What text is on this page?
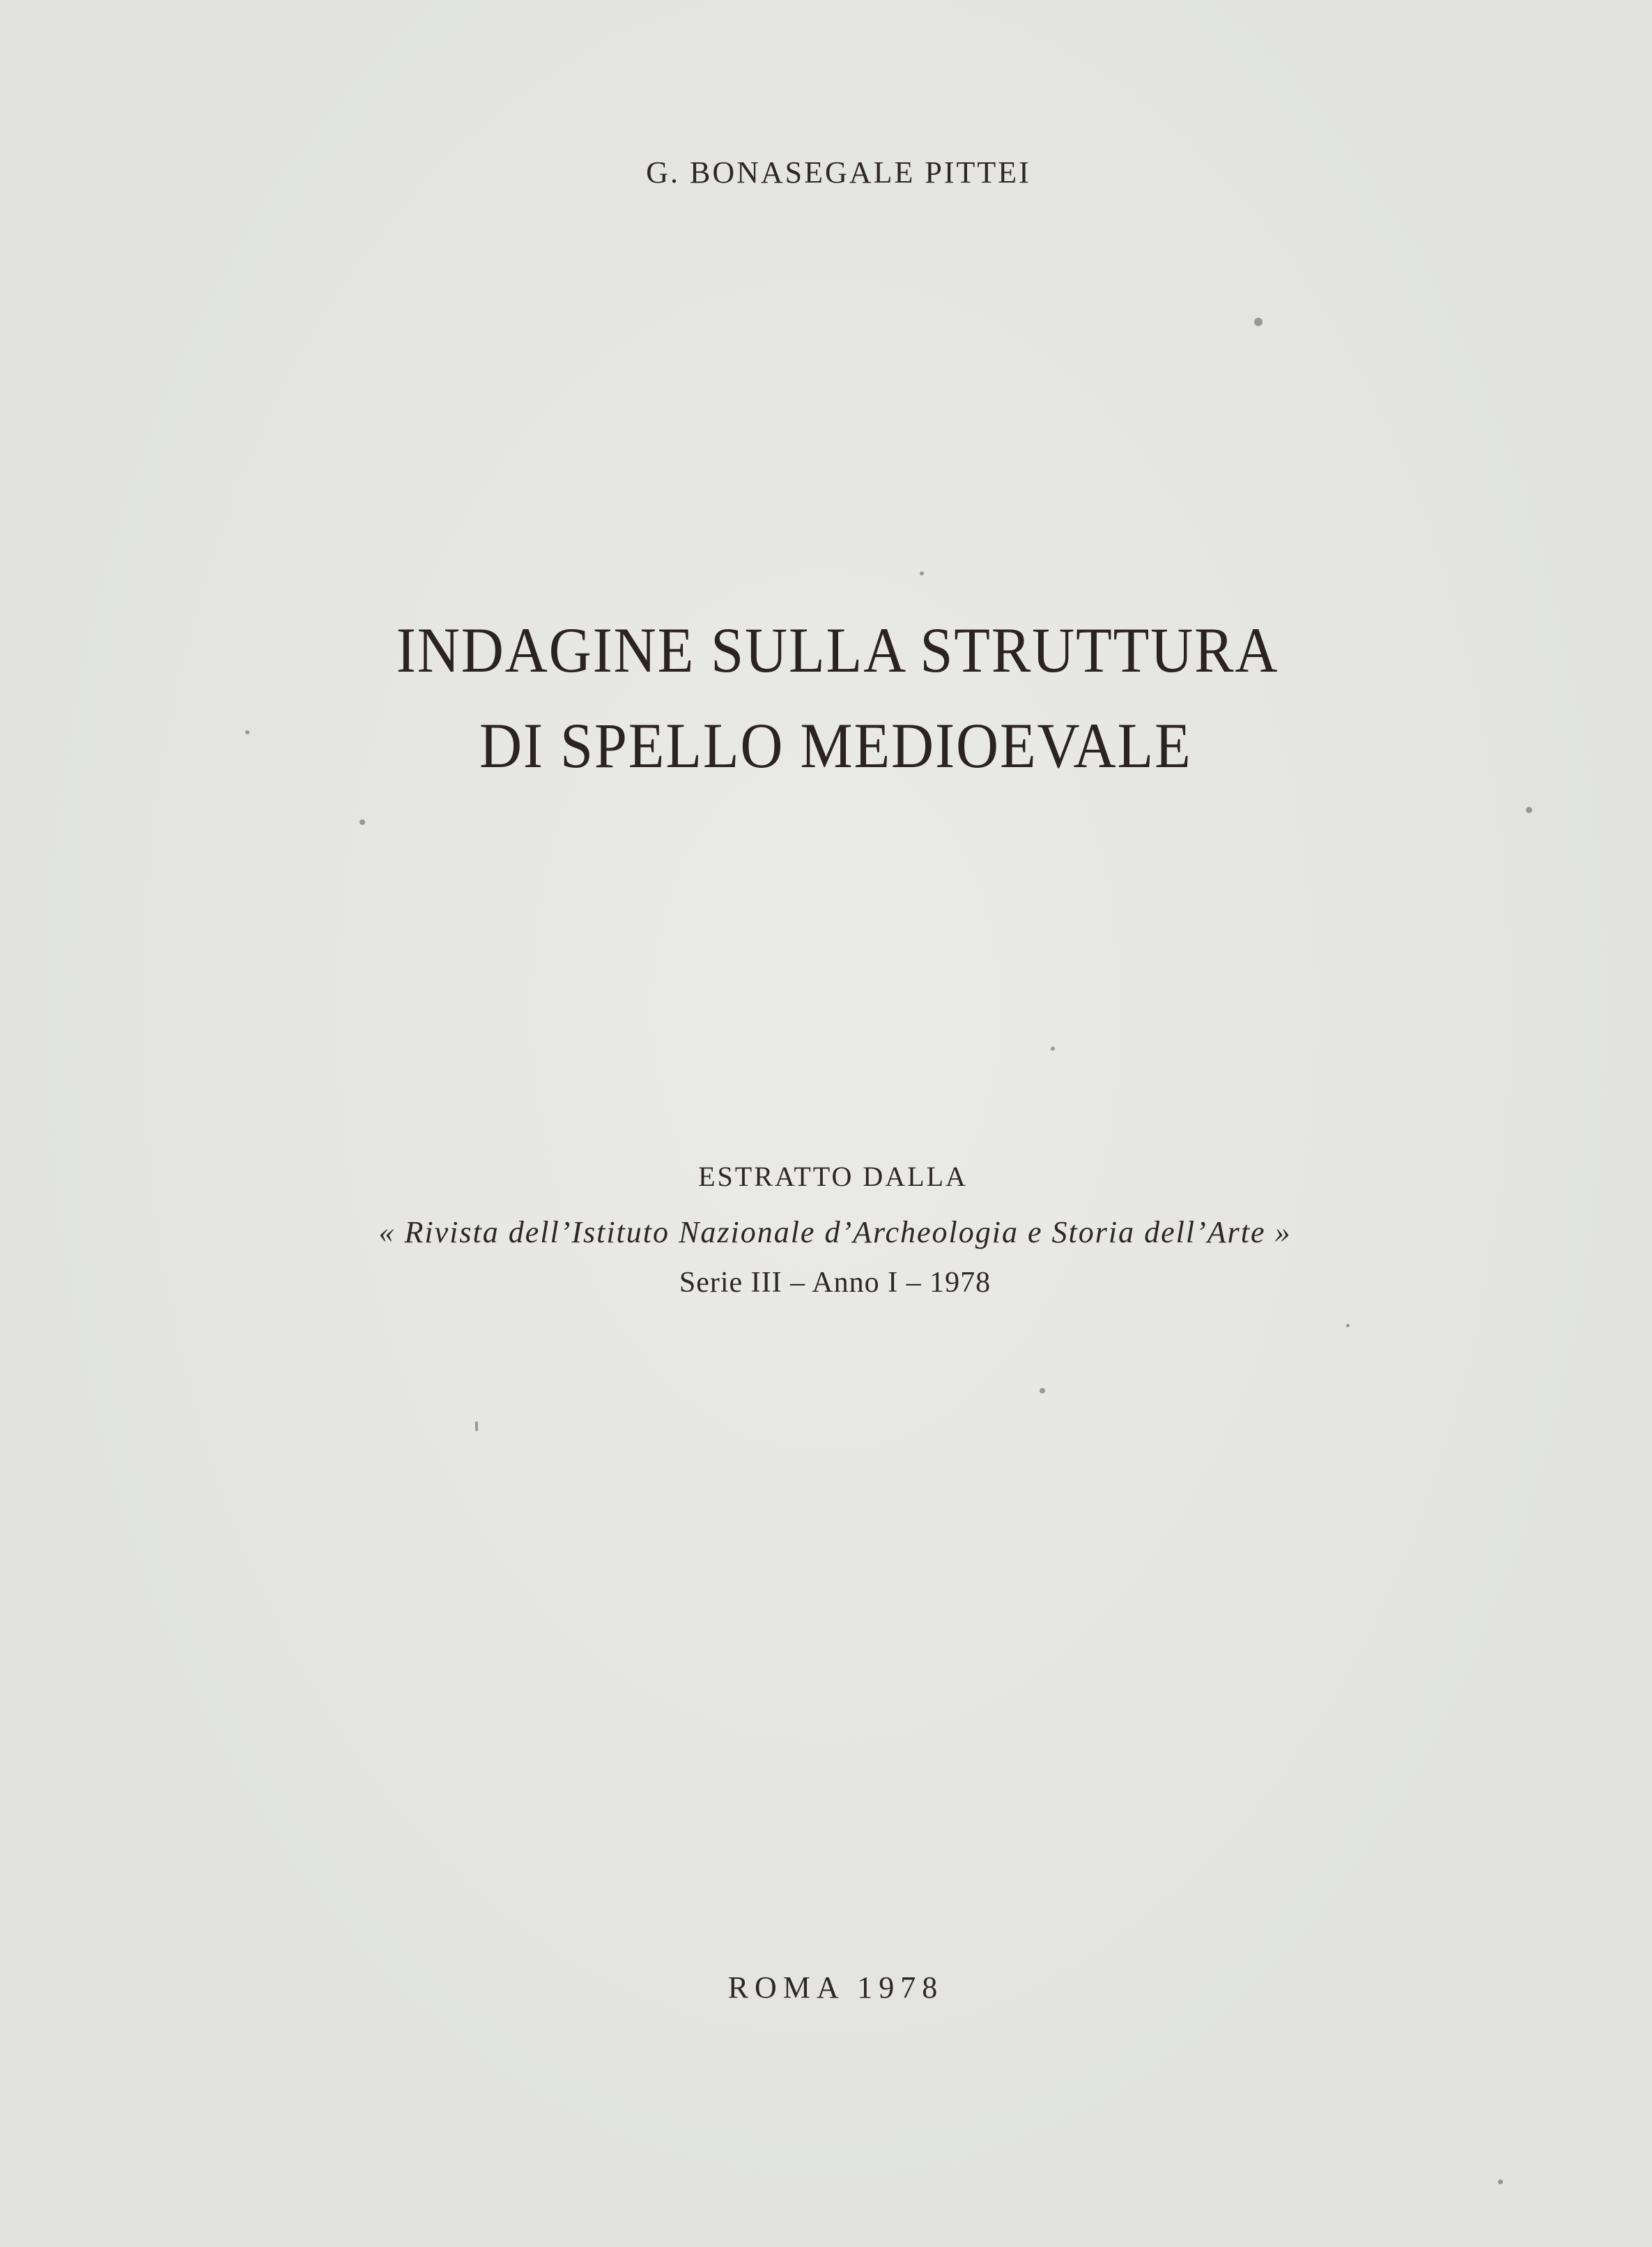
G. BONASEGALE PITTEI
INDAGINE SULLA STRUTTURA
DI SPELLO MEDIOEVALE
ESTRATTO DALLA
« Rivista dell’Istituto Nazionale d’Archeologia e Storia dell’Arte »
Serie III – Anno I – 1978
ROMA 1978
